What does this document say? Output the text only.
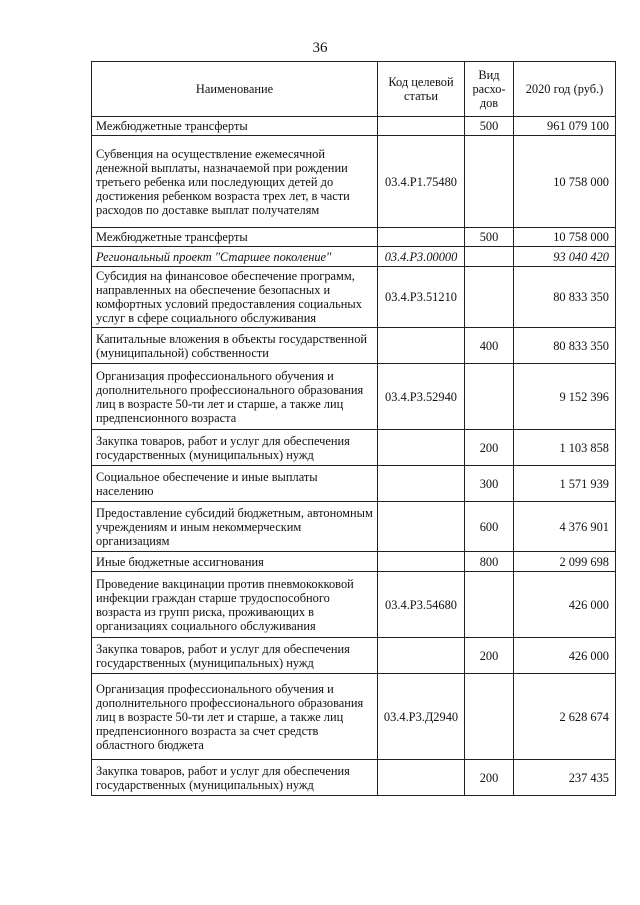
36
Наименование	Код целевой статьи	Вид расхо-дов	2020 год (руб.)
Межбюджетные трансферты		500	961 079 100
Субвенция на осуществление ежемесячной денежной выплаты, назначаемой при рождении третьего ребенка или последующих детей до достижения ребенком возраста трех лет, в части расходов по доставке выплат получателям	03.4.P1.75480		10 758 000
Межбюджетные трансферты		500	10 758 000
Региональный проект "Старшее поколение"	03.4.P3.00000		93 040 420
Субсидия на финансовое обеспечение программ, направленных на обеспечение безопасных и комфортных условий предоставления социальных услуг в сфере социального обслуживания	03.4.P3.51210		80 833 350
Капитальные вложения в объекты государственной (муниципальной) собственности		400	80 833 350
Организация профессионального обучения и дополнительного профессионального образования лиц в возрасте 50-ти лет и старше, а также лиц предпенсионного возраста	03.4.P3.52940		9 152 396
Закупка товаров, работ и услуг для обеспечения государственных (муниципальных) нужд		200	1 103 858
Социальное обеспечение и иные выплаты населению		300	1 571 939
Предоставление субсидий бюджетным, автономным учреждениям и иным некоммерческим организациям		600	4 376 901
Иные бюджетные ассигнования		800	2 099 698
Проведение вакцинации против пневмококковой инфекции граждан старше трудоспособного возраста из групп риска, проживающих в организациях социального обслуживания	03.4.P3.54680		426 000
Закупка товаров, работ и услуг для обеспечения государственных (муниципальных) нужд		200	426 000
Организация профессионального обучения и дополнительного профессионального образования лиц в возрасте 50-ти лет и старше, а также лиц предпенсионного возраста за счет средств областного бюджета	03.4.P3.Д2940		2 628 674
Закупка товаров, работ и услуг для обеспечения государственных (муниципальных) нужд		200	237 435
